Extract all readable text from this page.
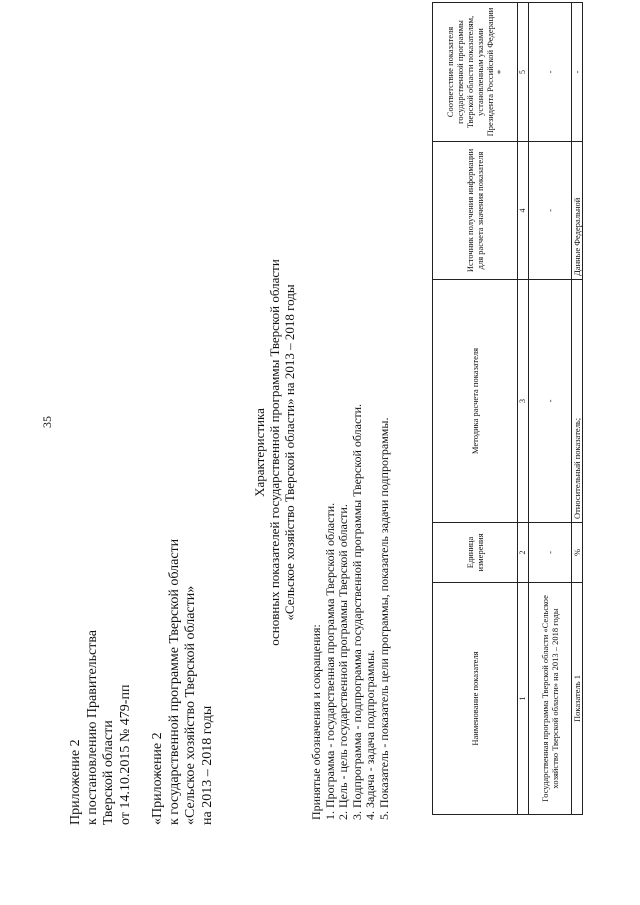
35
Приложение 2 к постановлению Правительства Тверской области от 14.10.2015 № 479-пп «Приложение 2 к государственной программе Тверской области «Сельское хозяйство Тверской области» на 2013 – 2018 годы
Характеристика основных показателей государственной программы Тверской области «Сельское хозяйство Тверской области» на 2013 – 2018 годы
Принятые обозначения и сокращения: 1. Программа - государственная программа Тверской области. 2. Цель - цель государственной программы Тверской области. 3. Подпрограмма - подпрограмма государственной программы Тверской области. 4. Задача - задача подпрограммы. 5. Показатель - показатель цели программы, показатель задачи подпрограммы.	Наименование показателя	Единица измерения	Методика расчета показателя	Источник получения информации для расчета значения показателя	Соответствие показателя государственной программы Тверской области показателям, установленным указами Президента Российской Федерации *
1	2	3	4	5
Государственная программа Тверской области «Сельское хозяйство Тверской области» на 2013 – 2018 годы	-	-	-	-
Показатель 1	%	Относительный показатель;	Данные Федеральной	-
